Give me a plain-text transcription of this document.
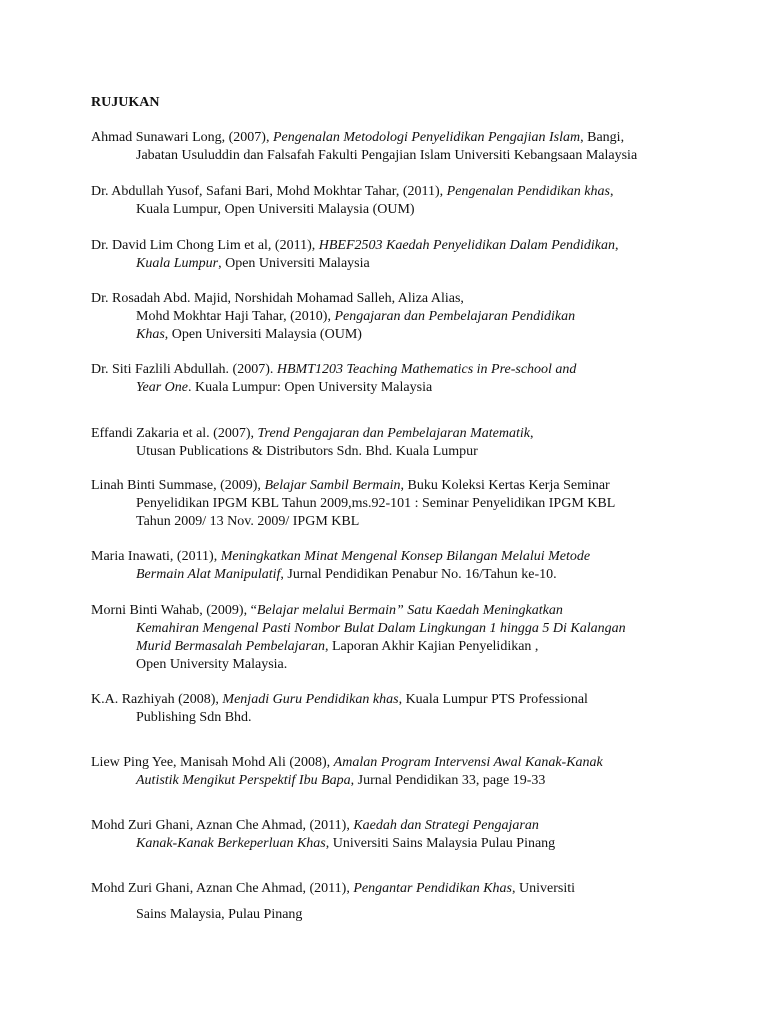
RUJUKAN
Ahmad Sunawari Long, (2007), Pengenalan Metodologi Penyelidikan Pengajian Islam, Bangi,
Jabatan Usuluddin dan Falsafah Fakulti Pengajian Islam Universiti Kebangsaan Malaysia
Dr. Abdullah Yusof, Safani Bari, Mohd Mokhtar Tahar, (2011), Pengenalan Pendidikan khas,
Kuala Lumpur, Open Universiti Malaysia (OUM)
Dr. David Lim Chong Lim et al, (2011), HBEF2503 Kaedah Penyelidikan Dalam Pendidikan,
Kuala Lumpur, Open Universiti Malaysia
Dr. Rosadah Abd. Majid, Norshidah Mohamad Salleh, Aliza Alias,
Mohd Mokhtar Haji Tahar, (2010), Pengajaran dan Pembelajaran Pendidikan
Khas, Open Universiti Malaysia (OUM)
Dr. Siti Fazlili Abdullah. (2007). HBMT1203 Teaching Mathematics in Pre-school and
Year One. Kuala Lumpur: Open University Malaysia
Effandi Zakaria et al. (2007), Trend Pengajaran dan Pembelajaran Matematik,
Utusan Publications & Distributors Sdn. Bhd. Kuala Lumpur
Linah Binti Summase, (2009), Belajar Sambil Bermain, Buku Koleksi Kertas Kerja Seminar
Penyelidikan IPGM KBL Tahun 2009,ms.92-101 : Seminar Penyelidikan IPGM KBL
Tahun 2009/ 13 Nov. 2009/ IPGM KBL
Maria Inawati, (2011), Meningkatkan Minat Mengenal Konsep Bilangan Melalui Metode
Bermain Alat Manipulatif, Jurnal Pendidikan Penabur No. 16/Tahun ke-10.
Morni Binti Wahab, (2009), “Belajar melalui Bermain” Satu Kaedah Meningkatkan
Kemahiran Mengenal Pasti Nombor Bulat Dalam Lingkungan 1 hingga 5 Di Kalangan
Murid Bermasalah Pembelajaran, Laporan Akhir Kajian Penyelidikan ,
Open University Malaysia.
K.A. Razhiyah (2008), Menjadi Guru Pendidikan khas, Kuala Lumpur PTS Professional
Publishing Sdn Bhd.
Liew Ping Yee, Manisah Mohd Ali (2008), Amalan Program Intervensi Awal Kanak-Kanak
Autistik Mengikut Perspektif Ibu Bapa, Jurnal Pendidikan 33, page 19-33
Mohd Zuri Ghani, Aznan Che Ahmad, (2011), Kaedah dan Strategi Pengajaran
Kanak-Kanak Berkeperluan Khas, Universiti Sains Malaysia Pulau Pinang
Mohd Zuri Ghani, Aznan Che Ahmad, (2011), Pengantar Pendidikan Khas, Universiti
Sains Malaysia, Pulau Pinang
